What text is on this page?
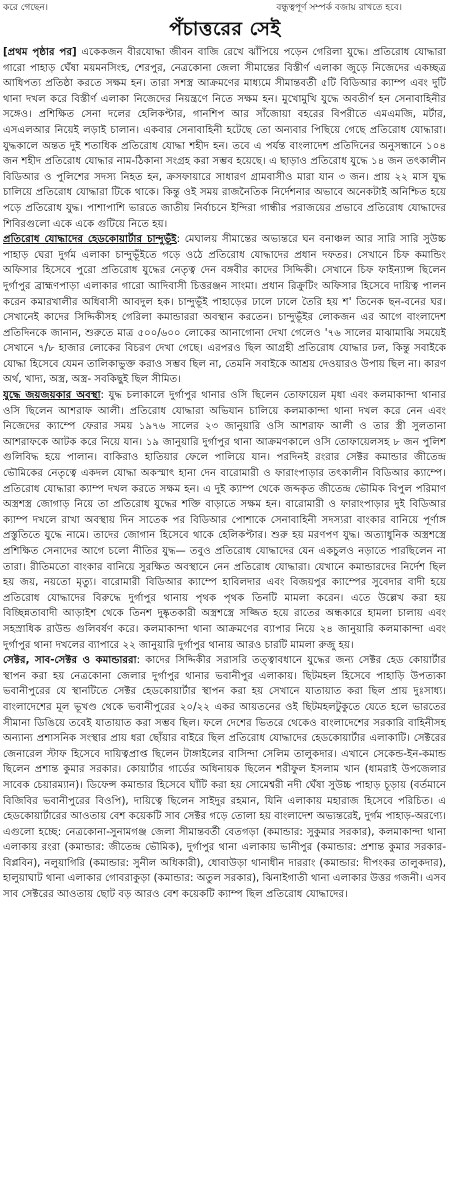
করে গেছেন।	বন্ধুত্বপূর্ণ সম্পর্ক বজায় রাখতে হবে।
পঁচাত্তরের সেই

[প্রথম পৃষ্ঠার পর] একেকজন বীরযোদ্ধা জীবন বাজি রেখে ঝাঁপিয়ে পড়েন গেরিলা যুদ্ধে। প্রতিরোধ যোদ্ধারা গারো পাহাড় ঘেঁষা ময়মনসিংহ, শেরপুর, নেত্রকোনা জেলা সীমান্তের বিস্তীর্ণ এলাকা জুড়ে নিজেদের একচ্ছত্র আধিপত্য প্রতিষ্ঠা করতে সক্ষম হন। তারা সশস্ত্র আক্রমণের মাধ্যমে সীমান্তবর্তী ৫টি বিডিআর ক্যাম্প এবং দুটি থানা দখল করে বিস্তীর্ণ এলাকা নিজেদের নিয়ন্ত্রণে নিতে সক্ষম হন। মুখোমুখি যুদ্ধে অবতীর্ণ হন সেনাবাহিনীর সঙ্গেও। প্রশিক্ষিত সেনা দলের হেলিকপ্টার, গানশিপ আর সাঁজোয়া বহরের বিপরীতে এমএমজি, মর্টার, এসএলআর নিয়েই লড়াই চালান। একবার সেনাবাহিনী হটেছে তো অন্যবার পিছিয়ে গেছে প্রতিরোধ যোদ্ধারা। যুদ্ধকালে অন্তত দুই শতাধিক প্রতিরোধ যোদ্ধা শহীদ হন। তবে এ পর্যন্ত বাংলাদেশ প্রতিদিনের অনুসন্ধানে ১০৪ জন শহীদ প্রতিরোধ যোদ্ধার নাম-ঠিকানা সংগ্রহ করা সম্ভব হয়েছে। এ ছাড়াও প্রতিরোধ যুদ্ধে ১৪ জন তৎকালীন বিডিআর ও পুলিশের সদস্য নিহত হন, ক্রসফায়ারে সাধারণ গ্রামবাসীও মারা যান ৩ জন। প্রায় ২২ মাস যুদ্ধ চালিয়ে প্রতিরোধ যোদ্ধারা টিকে থাকে। কিন্তু ওই সময় রাজনৈতিক নির্দেশনার অভাবে অনেকটাই অনিশ্চিত হয়ে পড়ে প্রতিরোধ যুদ্ধ। পাশাপাশি ভারতে জাতীয় নির্বাচনে ইন্দিরা গান্ধীর পরাজয়ের প্রভাবে প্রতিরোধ যোদ্ধাদের শিবিরগুলো একে একে গুটিয়ে নিতে হয়।

প্রতিরোধ যোদ্ধাদের হেডকোয়ার্টার চান্দুভূঁই: মেঘালয় সীমান্তের অভ্যন্তরে ঘন বনাঞ্চল আর সারি সারি সুউচ্চ পাহাড় ঘেরা দুর্গম এলাকা চান্দুভূঁইতে গড়ে ওঠে প্রতিরোধ যোদ্ধাদের প্রধান দফতর। সেখানে চিফ কমান্ডিং অফিসার হিসেবে পুরো প্রতিরোধ যুদ্ধের নেতৃত্ব দেন বঙ্গবীর কাদের সিদ্দিকী। সেখানে চিফ ফাইন্যান্স ছিলেন দুর্গাপুর ব্রাহ্মণপাড়া এলাকার গারো আদিবাসী চিত্তরঞ্জন সাংমা। প্রধান রিক্রুটিং অফিসার হিসেবে দায়িত্ব পালন করেন কমারখালীর অধিবাসী আবদুল হক। চান্দুভূঁই পাহাড়ের ঢালে ঢালে তৈরি হয় শ' তিনেক ছন-বনের ঘর। সেখানেই কাদের সিদ্দিকীসহ গেরিলা কমান্ডাররা অবস্থান করতেন। চান্দুভূঁইর লোকজন এর আগে বাংলাদেশ প্রতিদিনকে জানান, শুরুতে মাত্র ৫০০/৬০০ লোকের আনাগোনা দেখা গেলেও '৭৬ সালের মাঝামাঝি সময়েই সেখানে ৭/৮ হাজার লোকের বিচরণ দেখা গেছে। এরপরও ছিল আগ্রহী প্রতিরোধ যোদ্ধার ঢল, কিন্তু সবাইকে যোদ্ধা হিসেবে যেমন তালিকাভুক্ত করাও সম্ভব ছিল না, তেমনি সবাইকে আশ্রয় দেওয়ারও উপায় ছিল না। কারণ অর্থ, খাদ্য, অস্ত্র, অস্ত্র- সবকিছুই ছিল সীমিত।

যুদ্ধে জয়জয়কার অবস্থা: যুদ্ধ চলাকালে দুর্গাপুর থানার ওসি ছিলেন তোফায়েল মৃধা এবং কলমাকান্দা থানার ওসি ছিলেন আশরাফ আলী। প্রতিরোধ যোদ্ধারা অভিযান চালিয়ে কলমাকান্দা থানা দখল করে নেন এবং নিজেদের ক্যাম্পে ফেরার সময় ১৯৭৬ সালের ২৩ জানুয়ারি ওসি আশরাফ আলী ও তার স্ত্রী সুলতানা আশরাফকে আটক করে নিয়ে যান। ১৯ জানুয়ারি দুর্গাপুর থানা আক্রমণকালে ওসি তোফায়েলসহ ৮ জন পুলিশ গুলিবিদ্ধ হয়ে পালান। বাকিরাও হাতিয়ার ফেলে পালিয়ে যান। পরদিনই রংরার সেক্টর কমান্ডার জীতেন্দ্র ভৌমিকের নেতৃত্বে একদল যোদ্ধা অকস্মাৎ হানা দেন বারোমারী ও ফারাংপাড়ার তৎকালীন বিডিআর ক্যাম্পে। প্রতিরোধ যোদ্ধারা ক্যাম্প দখল করতে সক্ষম হন। এ দুই ক্যাম্প থেকে জব্দকৃত জীতেন্দ্র ভৌমিক বিপুল পরিমাণ অস্ত্রশস্ত্র জোগাড় নিয়ে তা প্রতিরোধ যুদ্ধের শক্তি বাড়াতে সক্ষম হন। বারোমারী ও ফারাংপাড়ার দুই বিডিআর ক্যাম্প দখলে রাখা অবস্থায় দিন সাতেক পর বিডিআর পোশাকে সেনাবাহিনী সদস্যরা বাংকার বানিয়ে পূর্ণাঙ্গ প্রস্তুতিতে যুদ্ধে নামে। তাদের জোগান হিসেবে থাকে হেলিকপ্টার। শুরু হয় মরণপণ যুদ্ধ। অত্যাধুনিক অস্ত্রশস্ত্রে প্রশিক্ষিত সেনাদের আগে চলো নীতির যুদ্ধ— তবুও প্রতিরোধ যোদ্ধাদের যেন একচুলও নড়াতে পারছিলেন না তারা। রীতিমতো বাংকার বানিয়ে সুরক্ষিত অবস্থানে নেন প্রতিরোধ যোদ্ধারা। যেখানে কমান্ডারদের নির্দেশ ছিল হয় জয়, নয়তো মৃত্যু। বারোমারী বিডিআর ক্যাম্পে হাবিলদার এবং বিজয়পুর ক্যাম্পের সুবেদার বাদী হয়ে প্রতিরোধ যোদ্ধাদের বিরুদ্ধে দুর্গাপুর থানায় পৃথক পৃথক তিনটি মামলা করেন। এতে উল্লেখ করা হয় বিচ্ছিন্নতাবাদী আড়াইশ থেকে তিনশ দুষ্কৃতকারী অস্ত্রশস্ত্রে সজ্জিত হয়ে রাতের অন্ধকারে হামলা চালায় এবং সহস্রাধিক রাউন্ড গুলিবর্ষণ করে। কলমাকান্দা থানা আক্রমণের ব্যাপার নিয়ে ২৪ জানুয়ারি কলমাকান্দা এবং দুর্গাপুর থানা দখলের ব্যাপারে ২২ জানুয়ারি দুর্গাপুর থানায় আরও চারটি মামলা রুজু হয়।

সেক্টর, সাব-সেক্টর ও কমান্ডাররা: কাদের সিদ্দিকীর সরাসরি তত্ত্বাবধানে যুদ্ধের জন্য সেক্টর হেড কোয়ার্টার স্থাপন করা হয় নেত্রকোনা জেলার দুর্গাপুর থানার ভবানীপুর এলাকায়। ছিটমহল হিসেবে পাহাড়ি উপত্যকা ভবানীপুরের যে স্থানটিতে সেক্টর হেডকোয়ার্টার স্থাপন করা হয় সেখানে যাতায়াত করা ছিল প্রায় দুঃসাধ্য। বাংলাদেশের মূল ভূখণ্ড থেকে ভবানীপুরের ২০/২২ একর আয়তনের ওই ছিটমহলটুকুতে যেতে হলে ভারতের সীমানা ডিঙিয়ে তবেই যাতায়াত করা সম্ভব ছিল। ফলে দেশের ভিতরে থেকেও বাংলাদেশের সরকারি বাহিনীসহ অন্যান্য প্রশাসনিক সংস্থার প্রায় ধরা ছোঁয়ার বাইরে ছিল প্রতিরোধ যোদ্ধাদের হেডকোয়ার্টার এলাকাটি। সেক্টরের জেনারেল স্টাফ হিসেবে দায়িত্বপ্রাপ্ত ছিলেন টাঙ্গাইলের বাসিন্দা সেলিম তালুকদার। এখানে সেকেন্ড-ইন-কমান্ড ছিলেন প্রশান্ত কুমার সরকার। কোয়ার্টার গার্ডের অধিনায়ক ছিলেন শরীফুল ইসলাম খান (ধামরাই উপজেলার সাবেক চেয়ারম্যান)। ডিফেন্স কমান্ডার হিসেবে ঘাঁটি করা হয় সোমেশ্বরী নদী ঘেঁষা সুউচ্চ পাহাড় চূড়ায় (বর্তমানে বিজিবির ভবানীপুরের বিওপি), দায়িত্বে ছিলেন সাইদুর রহমান, যিনি এলাকায় মহারাজ হিসেবে পরিচিত। এ হেডকোয়ার্টারের আওতায় বেশ কয়েকটি সাব সেক্টর গড়ে তোলা হয় বাংলাদেশ অভ্যন্তরেই, দুর্গম পাহাড়-অরণ্যে। এগুলো হচ্ছে: নেত্রকোনা-সুনামগঞ্জ জেলা সীমান্তবর্তী বেতগড়া (কমান্ডার: সুকুমার সরকার), কলমাকান্দা থানা এলাকায় রংরা (কমান্ডার: জীতেন্দ্র ভৌমিক), দুর্গাপুর থানা এলাকায় ভানীপুর (কমান্ডার: প্রশান্ত কুমার সরকার-বিপ্লবিন), নলুয়াগিরি (কমান্ডার: সুনীল অধিকারী), ধোবাউড়া থানাধীন দাররাং (কমান্ডার: দীপংকর তালুকদার), হালুয়াঘাট থানা এলাকার গোবরাকুড়া (কমান্ডার: অতুল সরকার), ঝিনাইগাতী থানা এলাকার উত্তর গজনী। এসব সাব সেক্টরের আওতায় ছোট বড় আরও বেশ কয়েকটি ক্যাম্প ছিল প্রতিরোধ যোদ্ধাদের।
